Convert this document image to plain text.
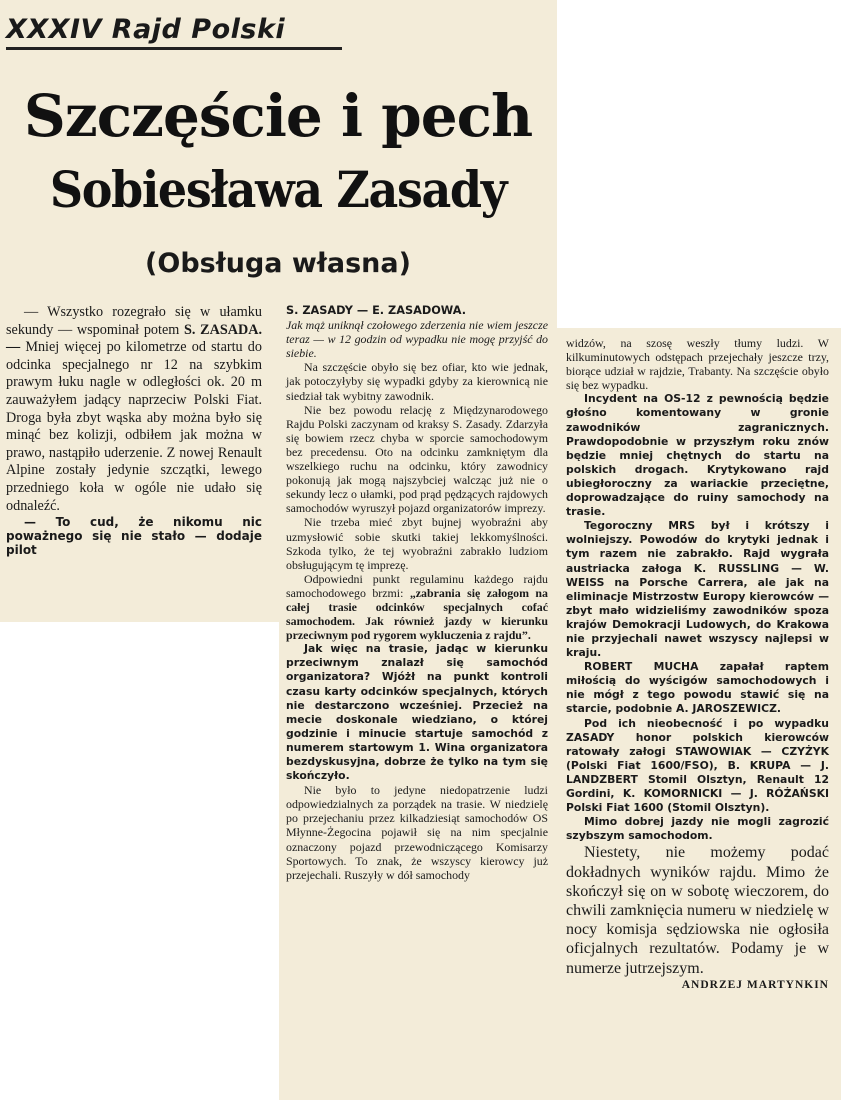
XXXIV Rajd Polski
Szczęście i pech
Sobiesława Zasady
(Obsługa własna)

— Wszystko rozegrało się w ułamku sekundy — wspominał potem S. ZASADA. — Mniej więcej po kilometrze od startu do odcinka specjalnego nr 12 na szybkim prawym łuku nagle w odległości ok. 20 m zauważyłem jadący naprzeciw Polski Fiat. Droga była zbyt wąska aby można było się minąć bez kolizji, odbiłem jak można w prawo, nastąpiło uderzenie. Z nowej Renault Alpine zostały jedynie szczątki, lewego przedniego koła w ogóle nie udało się odnaleźć.

— To cud, że nikomu nic poważnego się nie stało — dodaje pilot

S. ZASADY — E. ZASADOWA.

Jak mąż uniknął czołowego zderzenia nie wiem jeszcze teraz — w 12 godzin od wypadku nie mogę przyjść do siebie.

Na szczęście obyło się bez ofiar, kto wie jednak, jak potoczyłyby się wypadki gdyby za kierownicą nie siedział tak wybitny zawodnik.

Nie bez powodu relację z Międzynarodowego Rajdu Polski zaczynam od kraksy S. Zasady. Zdarzyła się bowiem rzecz chyba w sporcie samochodowym bez precedensu. Oto na odcinku zamkniętym dla wszelkiego ruchu na odcinku, który zawodnicy pokonują jak mogą najszybciej walcząc już nie o sekundy lecz o ułamki, pod prąd pędzących rajdowych samochodów wyruszył pojazd organizatorów imprezy.

Nie trzeba mieć zbyt bujnej wyobraźni aby uzmysłowić sobie skutki takiej lekkomyślności. Szkoda tylko, że tej wyobraźni zabrakło ludziom obsługującym tę imprezę.

Odpowiedni punkt regulaminu każdego rajdu samochodowego brzmi: „zabrania się załogom na całej trasie odcinków specjalnych cofać samochodem. Jak również jazdy w kierunku przeciwnym pod rygorem wykluczenia z rajdu”.

Jak więc na trasie, jadąc w kierunku przeciwnym znalazł się samochód organizatora? Wjóżł na punkt kontroli czasu karty odcinków specjalnych, których nie destarczono wcześniej. Przecież na mecie doskonale wiedziano, o której godzinie i minucie startuje samochód z numerem startowym 1. Wina organizatora bezdyskusyjna, dobrze że tylko na tym się skończyło.

Nie było to jedyne niedopatrzenie ludzi odpowiedzialnych za porządek na trasie. W niedzielę po przejechaniu przez kilkadziesiąt samochodów OS Młynne-Żegocina pojawił się na nim specjalnie oznaczony pojazd przewodniczącego Komisarzy Sportowych. To znak, że wszyscy kierowcy już przejechali. Ruszyły w dół samochody

widzów, na szosę weszły tłumy ludzi. W kilkuminutowych odstępach przejechały jeszcze trzy, biorące udział w rajdzie, Trabanty. Na szczęście obyło się bez wypadku.

Incydent na OS-12 z pewnością będzie głośno komentowany w gronie zawodników zagranicznych. Prawdopodobnie w przyszłym roku znów będzie mniej chętnych do startu na polskich drogach. Krytykowano rajd ubiegłoroczny za wariackie przeciętne, doprowadzające do ruiny samochody na trasie.

Tegoroczny MRS był i krótszy i wolniejszy. Powodów do krytyki jednak i tym razem nie zabrakło. Rajd wygrała austriacka załoga K. RUSSLING — W. WEISS na Porsche Carrera, ale jak na eliminacje Mistrzostw Europy kierowców — zbyt mało widzieliśmy zawodników spoza krajów Demokracji Ludowych, do Krakowa nie przyjechali nawet wszyscy najlepsi w kraju.

ROBERT MUCHA zapałał raptem miłością do wyścigów samochodowych i nie mógł z tego powodu stawić się na starcie, podobnie A. JAROSZEWICZ.

Pod ich nieobecność i po wypadku ZASADY honor polskich kierowców ratowały załogi STAWOWIAK — CZYŻYK (Polski Fiat 1600/FSO), B. KRUPA — J. LANDZBERT Stomil Olsztyn, Renault 12 Gordini, K. KOMORNICKI — J. RÓŻAŃSKI Polski Fiat 1600 (Stomil Olsztyn).

Mimo dobrej jazdy nie mogli zagrozić szybszym samochodom.

Niestety, nie możemy podać dokładnych wyników rajdu. Mimo że skończył się on w sobotę wieczorem, do chwili zamknięcia numeru w niedzielę w nocy komisja sędziowska nie ogłosiła oficjalnych rezultatów. Podamy je w numerze jutrzejszym.

ANDRZEJ MARTYNKIN
